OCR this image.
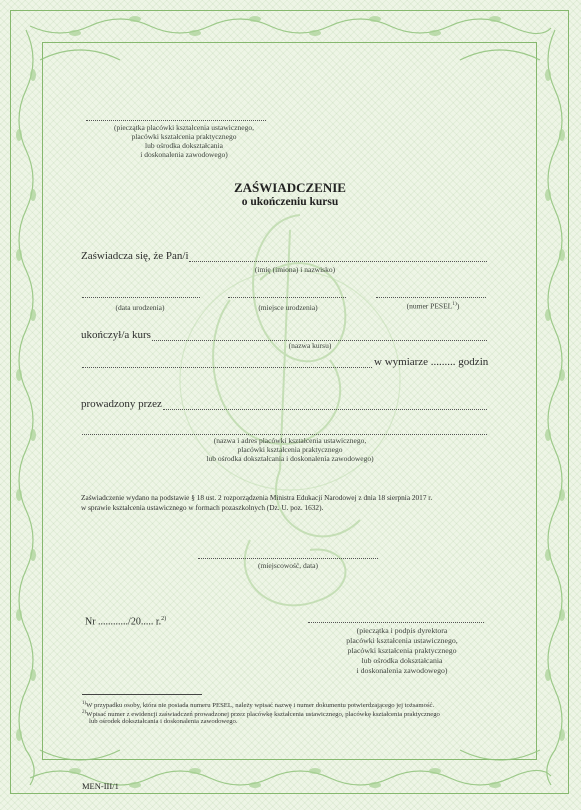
(pieczątka placówki kształcenia ustawicznego,
placówki kształcenia praktycznego
lub ośrodka dokształcania
i doskonalenia zawodowego)
ZAŚWIADCZENIE
o ukończeniu kursu
Zaświadcza się, że Pan/i
(imię (imiona) i nazwisko)
(data urodzenia)	(miejsce urodzenia)	(numer PESEL$^{1)}$)
ukończył/a kurs
(nazwa kursu)
w wymiarze ......... godzin
prowadzony przez
(nazwa i adres placówki kształcenia ustawicznego,
placówki kształcenia praktycznego
lub ośrodka dokształcania i doskonalenia zawodowego)
Zaświadczenie wydano na podstawie § 18 ust. 2 rozporządzenia Ministra Edukacji Narodowej z dnia 18 sierpnia 2017 r.
w sprawie kształcenia ustawicznego w formach pozaszkolnych (Dz. U. poz. 1632).
(miejscowość, data)
Nr ............/20..... r.$^{2)}$
(pieczątka i podpis dyrektora
placówki kształcenia ustawicznego,
placówki kształcenia praktycznego
lub ośrodka dokształcania
i doskonalenia zawodowego)
$^{1)}$W przypadku osoby, która nie posiada numeru PESEL, należy wpisać nazwę i numer dokumentu potwierdzającego jej tożsamość.
$^{2)}$Wpisać numer z ewidencji zaświadczeń prowadzonej przez placówkę kształcenia ustawicznego, placówkę kształcenia praktycznego
lub ośrodek dokształcania i doskonalenia zawodowego.
MEN-III/1
